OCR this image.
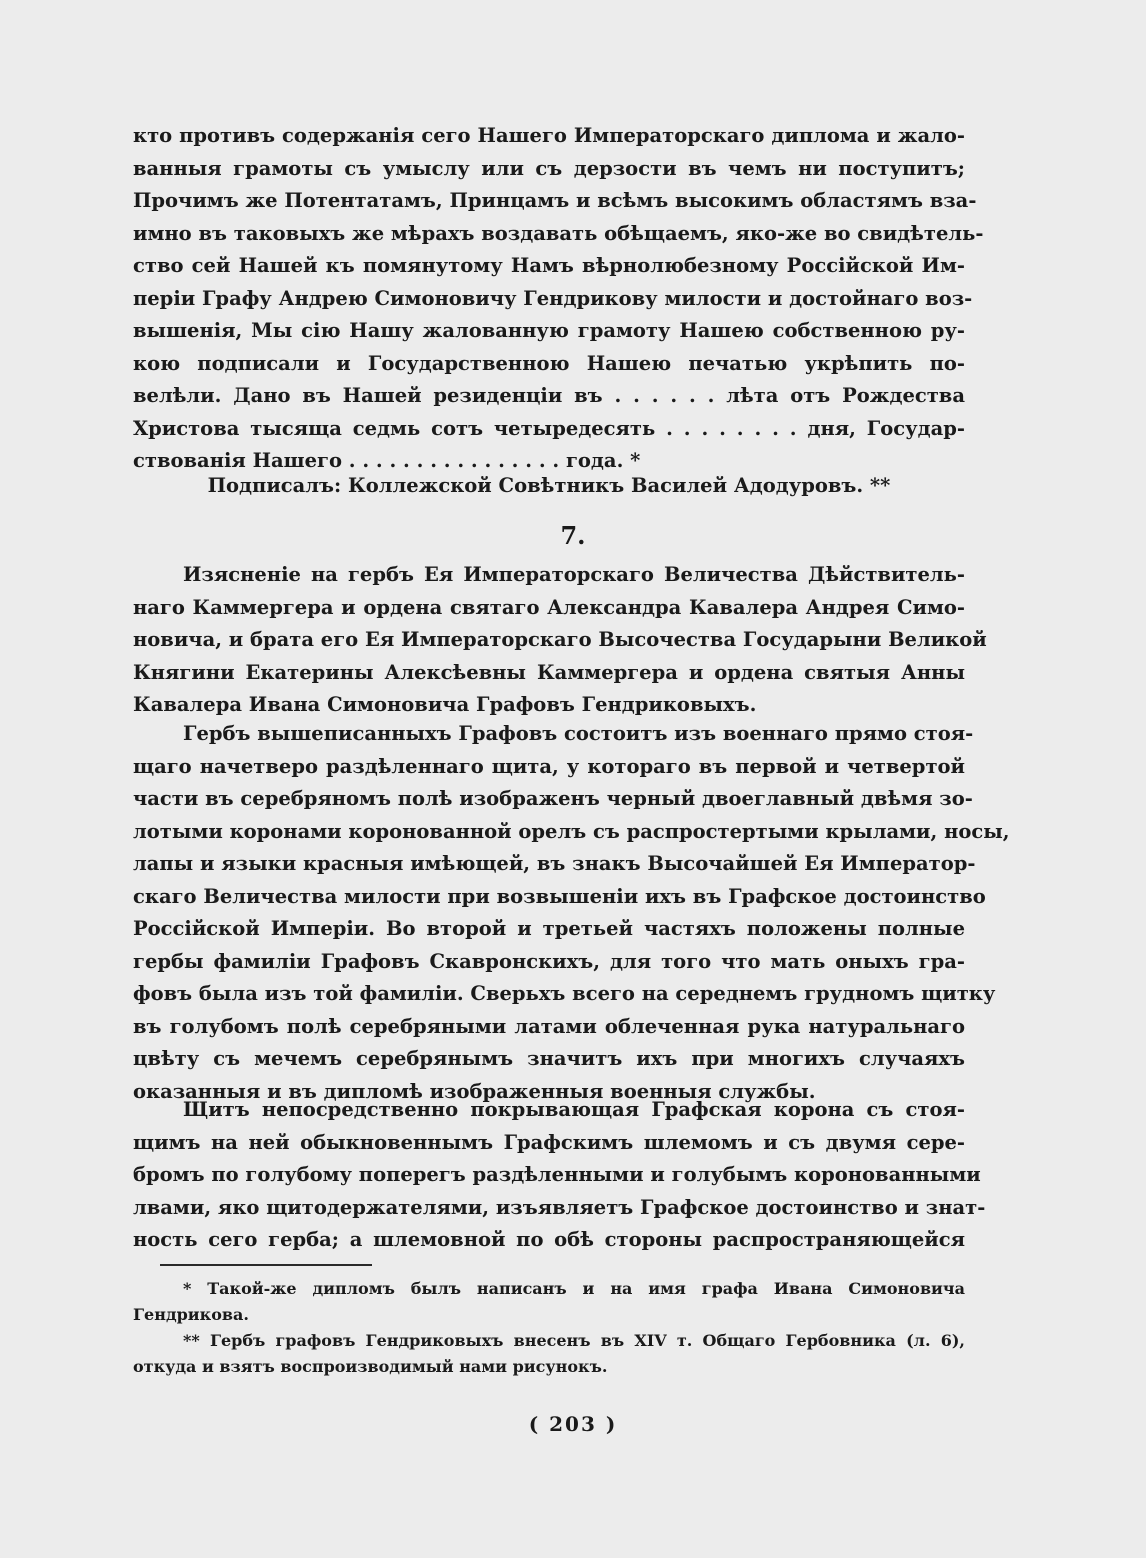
кто противъ содержанія сего Нашего Императорскаго диплома и жало-
ванныя грамоты съ умыслу или съ дерзости въ чемъ ни поступитъ;
Прочимъ же Потентатамъ, Принцамъ и всѣмъ высокимъ областямъ вза-
имно въ таковыхъ же мѣрахъ воздавать обѣщаемъ, яко-же во свидѣтель-
ство сей Нашей къ помянутому Намъ вѣрнолюбезному Россійской Им-
періи Графу Андрею Симоновичу Гендрикову милости и достойнаго воз-
вышенія, Мы сію Нашу жалованную грамоту Нашею собственною ру-
кою подписали и Государственною Нашею печатью укрѣпить по-
велѣли. Дано въ Нашей резиденціи въ . . . . . . лѣта отъ Рождества
Христова тысяща седмь сотъ четыредесять . . . . . . . . дня, Государ-
ствованія Нашего . . . . . . . . . . . . . . . . года. *
Подписалъ: Коллежской Совѣтникъ Василей Адодуровъ. **
7.
Изясненіе на гербъ Ея Императорскаго Величества Дѣйствитель-
наго Каммергера и ордена святаго Александра Кавалера Андрея Симо-
новича, и брата его Ея Императорскаго Высочества Государыни Великой
Княгини Екатерины Алексѣевны Каммергера и ордена святыя Анны
Кавалера Ивана Симоновича Графовъ Гендриковыхъ.
Гербъ вышеписанныхъ Графовъ состоитъ изъ военнаго прямо стоя-
щаго начетверо раздѣленнаго щита, у котораго въ первой и четвертой
части въ серебряномъ полѣ изображенъ черный двоеглавный двѣмя зо-
лотыми коронами коронованной орелъ съ распростертыми крылами, носы,
лапы и языки красныя имѣющей, въ знакъ Высочайшей Ея Император-
скаго Величества милости при возвышеніи ихъ въ Графское достоинство
Россійской Имперіи. Во второй и третьей частяхъ положены полные
гербы фамиліи Графовъ Скавронскихъ, для того что мать оныхъ гра-
фовъ была изъ той фамиліи. Сверьхъ всего на середнемъ грудномъ щитку
въ голубомъ полѣ серебряными латами облеченная рука натуральнаго
цвѣту съ мечемъ серебрянымъ значитъ ихъ при многихъ случаяхъ
оказанныя и въ дипломѣ изображенныя военныя службы.
Щитъ непосредственно покрывающая Графская корона съ стоя-
щимъ на ней обыкновеннымъ Графскимъ шлемомъ и съ двумя сере-
бромъ по голубому поперегъ раздѣленными и голубымъ коронованными
лвами, яко щитодержателями, изъявляетъ Графское достоинство и знат-
ность сего герба; а шлемовной по обѣ стороны распространяющейся
* Такой-же дипломъ былъ написанъ и на имя графа Ивана Симоновича
Гендрикова.
** Гербъ графовъ Гендриковыхъ внесенъ въ XIV т. Общаго Гербовника (л. 6),
откуда и взятъ воспроизводимый нами рисунокъ.
( 203 )
